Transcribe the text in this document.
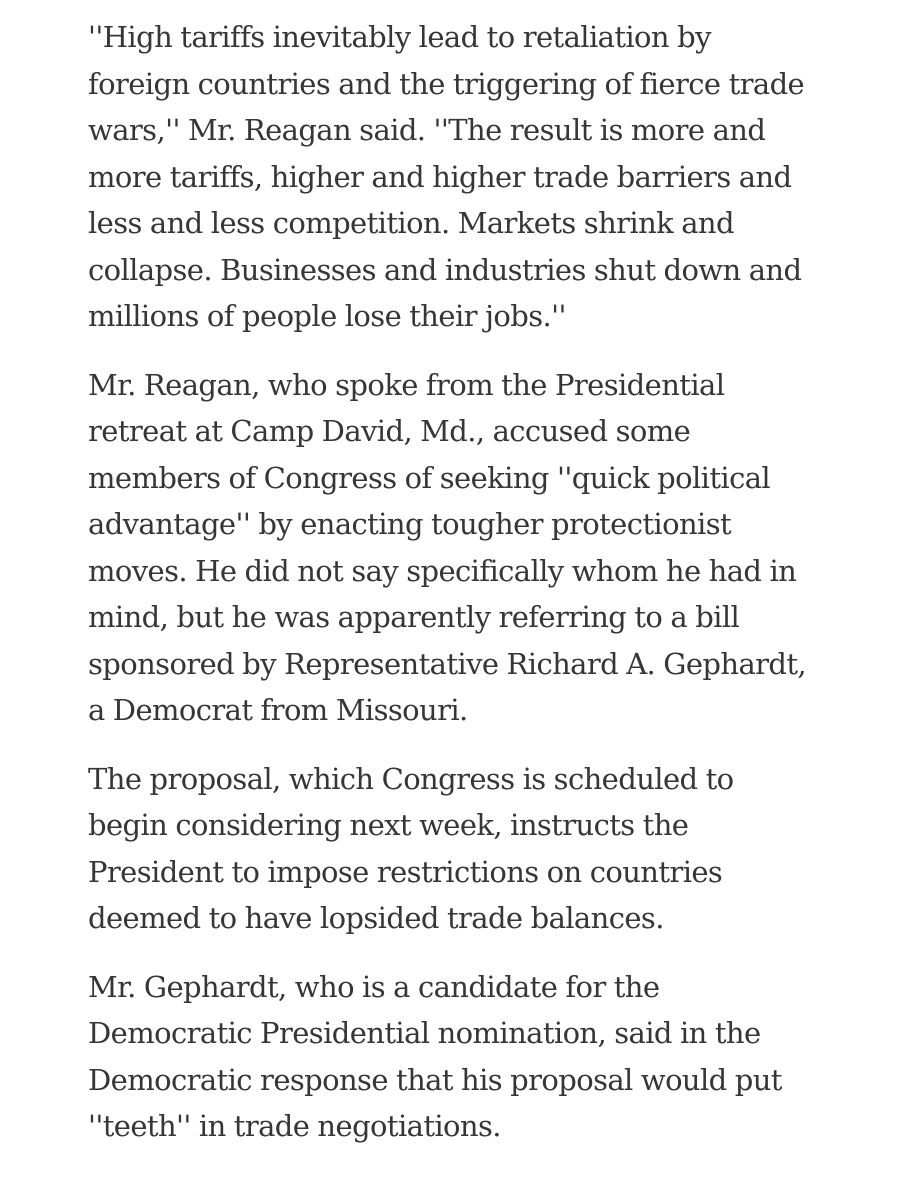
''High tariffs inevitably lead to retaliation by
foreign countries and the triggering of fierce trade
wars,'' Mr. Reagan said. ''The result is more and
more tariffs, higher and higher trade barriers and
less and less competition. Markets shrink and
collapse. Businesses and industries shut down and
millions of people lose their jobs.''

Mr. Reagan, who spoke from the Presidential
retreat at Camp David, Md., accused some
members of Congress of seeking ''quick political
advantage'' by enacting tougher protectionist
moves. He did not say specifically whom he had in
mind, but he was apparently referring to a bill
sponsored by Representative Richard A. Gephardt,
a Democrat from Missouri.

The proposal, which Congress is scheduled to
begin considering next week, instructs the
President to impose restrictions on countries
deemed to have lopsided trade balances.

Mr. Gephardt, who is a candidate for the
Democratic Presidential nomination, said in the
Democratic response that his proposal would put
''teeth'' in trade negotiations.
